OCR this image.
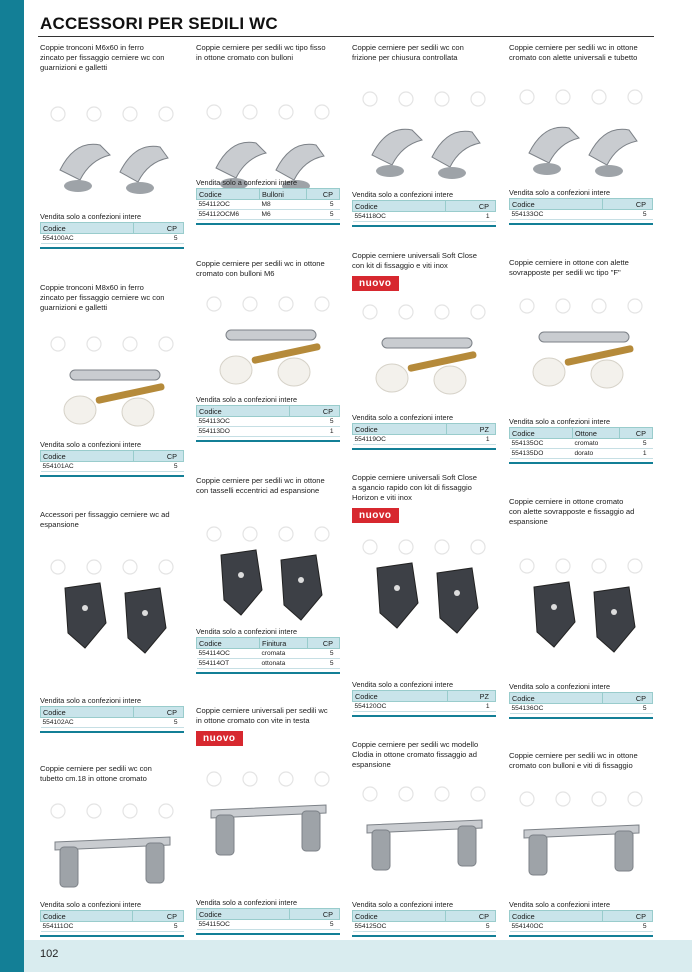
102
ACCESSORI PER SEDILI WC
Coppie tronconi M6x60 in ferro
zincato per fissaggio cerniere wc con
guarnizioni e galletti
Vendita solo a confezioni intere
Codice	CP
554100AC	5
Coppie tronconi M8x60 in ferro
zincato per fissaggio cerniere wc con
guarnizioni e galletti
Vendita solo a confezioni intere
Codice	CP
554101AC	5
Accessori per fissaggio cerniere wc ad
espansione
Vendita solo a confezioni intere
Codice	CP
554102AC	5
Coppie cerniere per sedili wc con
tubetto cm.18 in ottone cromato
Vendita solo a confezioni intere
Codice	CP
554111OC	5
Coppie cerniere per sedili wc tipo fisso
in ottone cromato con bulloni
Vendita solo a confezioni intere
Codice	Bulloni	CP
554112OC	M8	5
554112OCM6	M6	5
Coppie cerniere per sedili wc in ottone
cromato con bulloni M6
Vendita solo a confezioni intere
Codice	CP
554113OC	5
554113DO	1
Coppie cerniere per sedili wc in ottone
con tasselli eccentrici ad espansione
Vendita solo a confezioni intere
Codice	Finitura	CP
554114OC	cromata	5
554114OT	ottonata	5
Coppie cerniere universali per sedili wc
in ottone cromato con vite in testa
nuovo
Vendita solo a confezioni intere
Codice	CP
554115OC	5
Coppie cerniere per sedili wc con
frizione per chiusura controllata
Vendita solo a confezioni intere
Codice	CP
554118OC	1
Coppie cerniere universali Soft Close
con kit di fissaggio e viti inox
nuovo
Vendita solo a confezioni intere
Codice	PZ
554119OC	1
Coppie cerniere universali Soft Close
a sgancio rapido con kit di fissaggio
Horizon e viti inox
nuovo
Vendita solo a confezioni intere
Codice	PZ
554120OC	1
Coppie cerniere per sedili wc modello
Clodia in ottone cromato fissaggio ad
espansione
Vendita solo a confezioni intere
Codice	CP
554125OC	5
Coppie cerniere per sedili wc in ottone
cromato con alette universali e tubetto
Vendita solo a confezioni intere
Codice	CP
554133OC	5
Coppie cerniere in ottone con alette
sovrapposte per sedili wc tipo "F"
Vendita solo a confezioni intere
Codice	Ottone	CP
554135OC	cromato	5
554135DO	dorato	1
Coppie cerniere in ottone cromato
con alette sovrapposte e fissaggio ad
espansione
Vendita solo a confezioni intere
Codice	CP
554136OC	5
Coppie cerniere per sedili wc in ottone
cromato con bulloni e viti di fissaggio
Vendita solo a confezioni intere
Codice	CP
554140OC	5
